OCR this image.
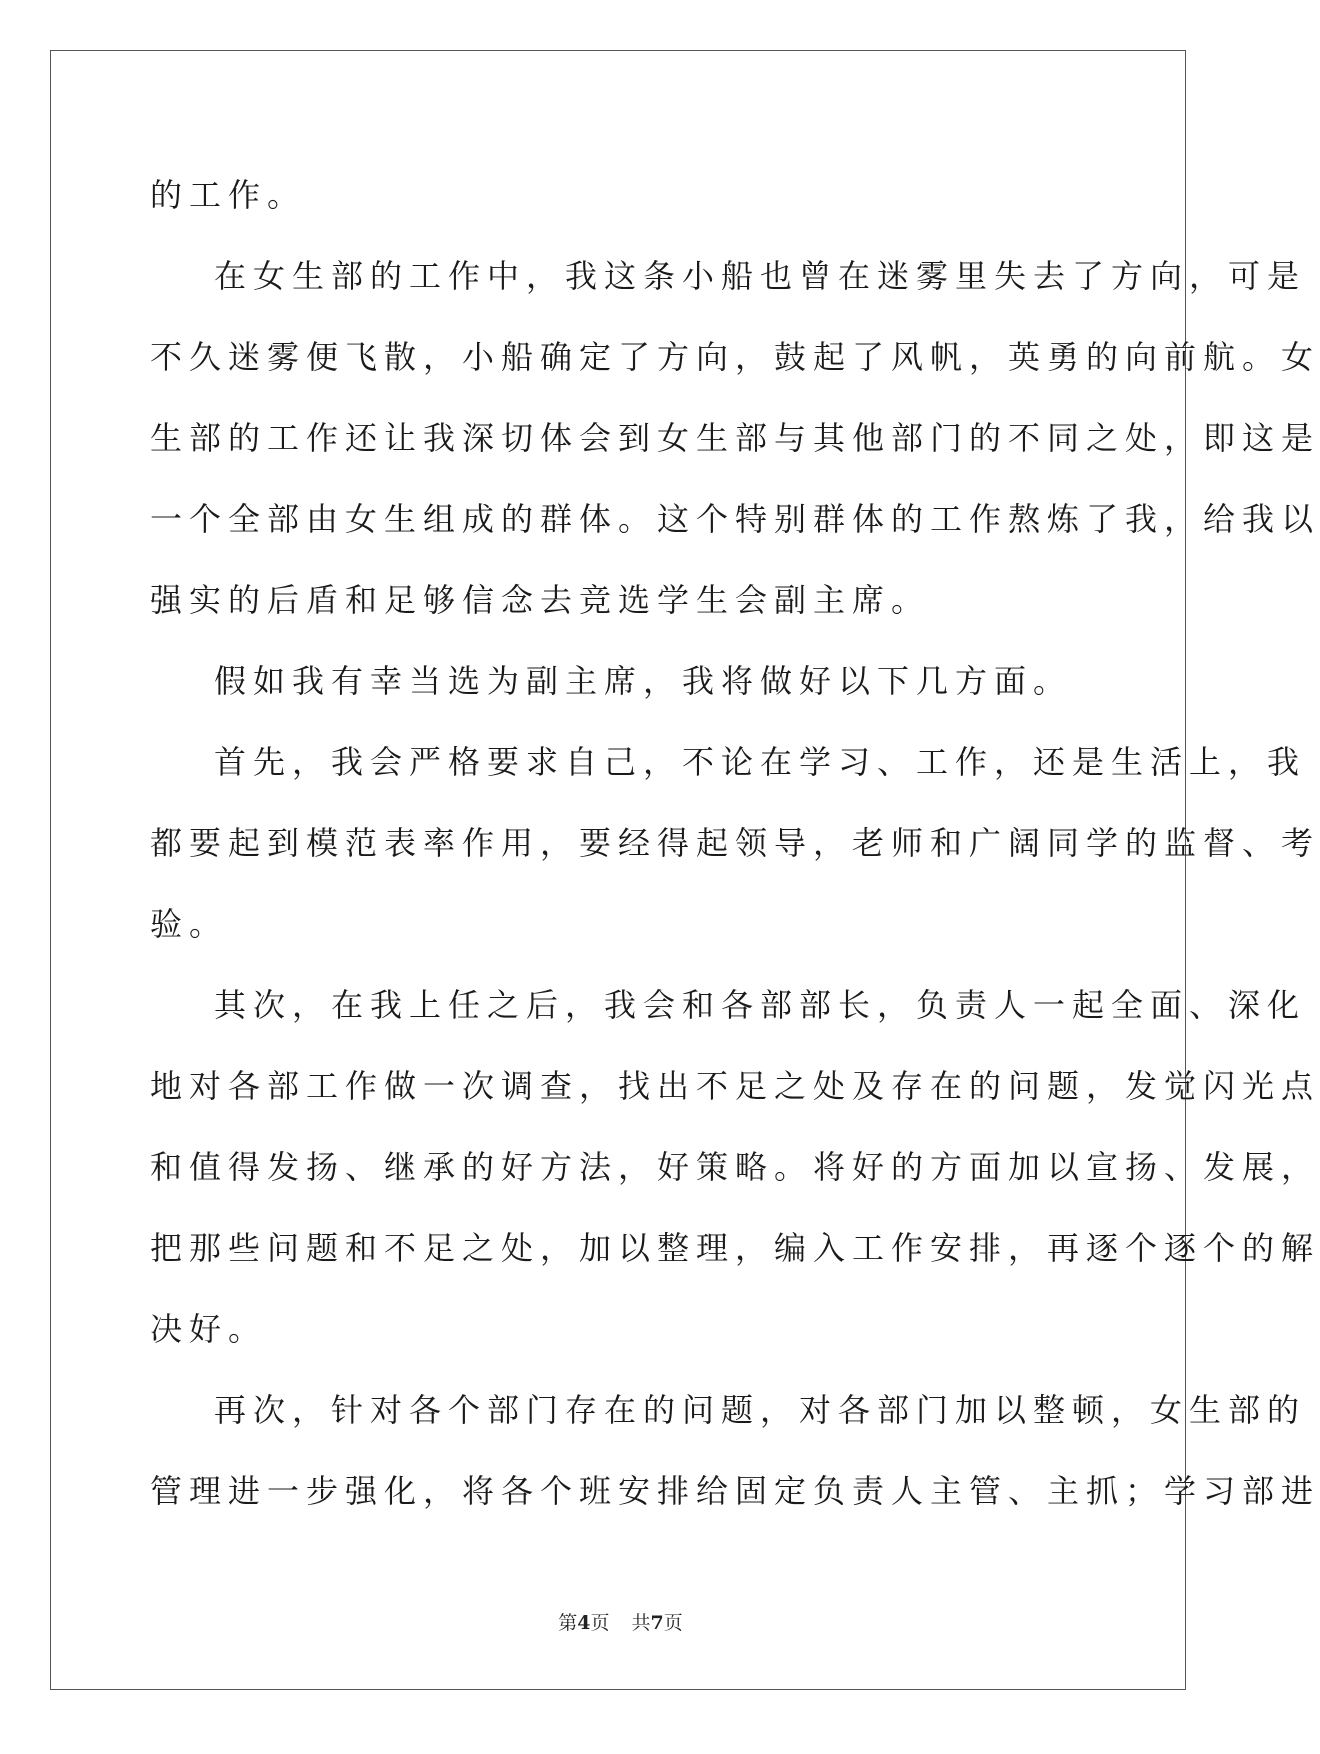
的工作。
在女生部的工作中，我这条小船也曾在迷雾里失去了方向，可是
不久迷雾便飞散，小船确定了方向，鼓起了风帆，英勇的向前航。女
生部的工作还让我深切体会到女生部与其他部门的不同之处，即这是
一个全部由女生组成的群体。这个特别群体的工作熬炼了我，给我以
强实的后盾和足够信念去竞选学生会副主席。
假如我有幸当选为副主席，我将做好以下几方面。
首先，我会严格要求自己，不论在学习、工作，还是生活上，我
都要起到模范表率作用，要经得起领导，老师和广阔同学的监督、考
验。
其次，在我上任之后，我会和各部部长，负责人一起全面、深化
地对各部工作做一次调查，找出不足之处及存在的问题，发觉闪光点
和值得发扬、继承的好方法，好策略。将好的方面加以宣扬、发展，
把那些问题和不足之处，加以整理，编入工作安排，再逐个逐个的解
决好。
再次，针对各个部门存在的问题，对各部门加以整顿，女生部的
管理进一步强化，将各个班安排给固定负责人主管、主抓；学习部进
第4页 共7页
